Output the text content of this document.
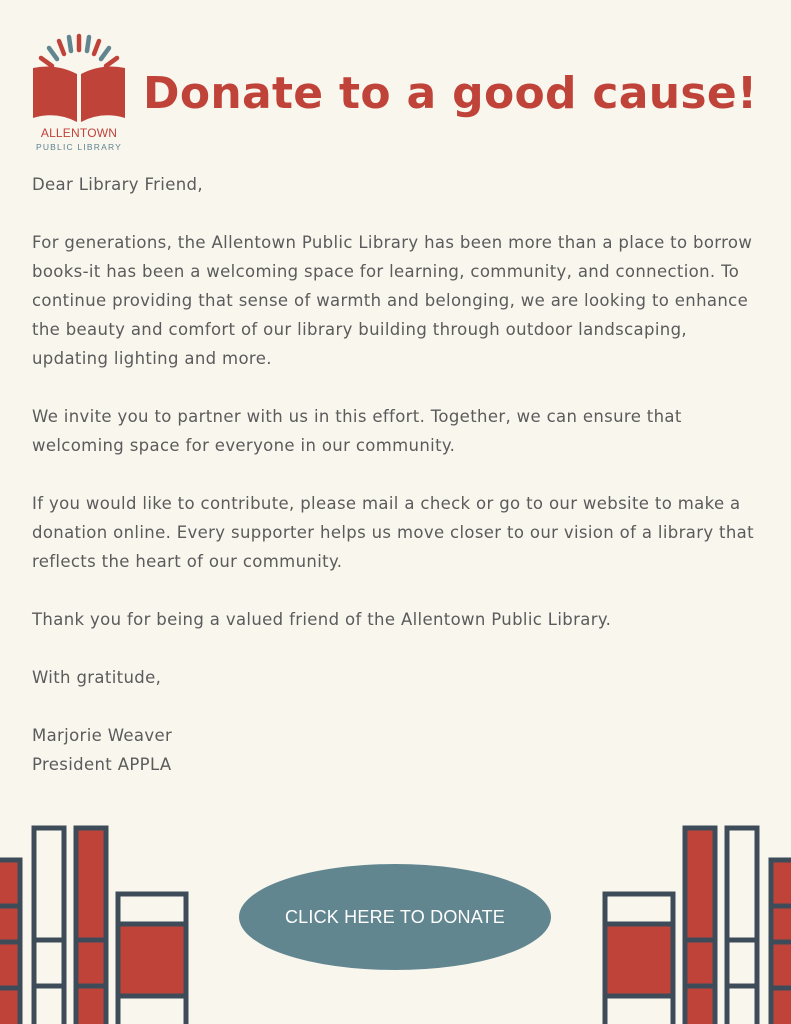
ALLENTOWN
PUBLIC LIBRARY
Donate to a good cause!

Dear Library Friend,

For generations, the Allentown Public Library has been more than a place to borrow books-it has been a welcoming space for learning, community, and connection. To continue providing that sense of warmth and belonging, we are looking to enhance the beauty and comfort of our library building through outdoor landscaping, updating lighting and more.

We invite you to partner with us in this effort. Together, we can ensure that welcoming space for everyone in our community.

If you would like to contribute, please mail a check or go to our website to make a donation online. Every supporter helps us move closer to our vision of a library that reflects the heart of our community.

Thank you for being a valued friend of the Allentown Public Library.

With gratitude,

Marjorie Weaver

President APPLA

CLICK HERE TO DONATE
